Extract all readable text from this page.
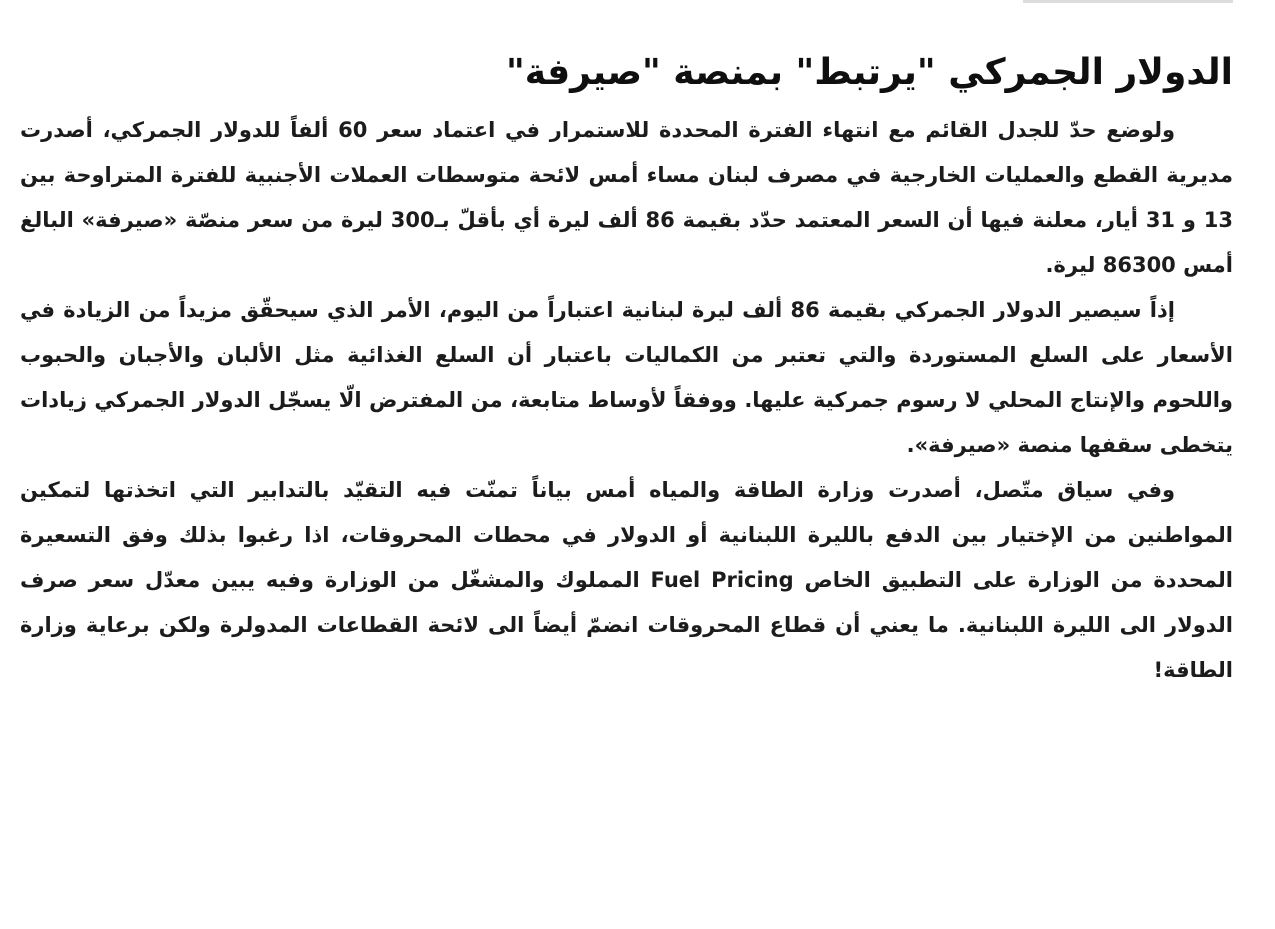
الدولار الجمركي "يرتبط" بمنصة "صيرفة"

ولوضع حدّ للجدل القائم مع انتهاء الفترة المحددة للاستمرار في اعتماد سعر 60 ألفاً للدولار الجمركي، أصدرت مديرية القطع والعمليات الخارجية في مصرف لبنان مساء أمس لائحة متوسطات العملات الأجنبية للفترة المتراوحة بين 13 و 31 أيار، معلنة فيها أن السعر المعتمد حدّد بقيمة 86 ألف ليرة أي بأقلّ بـ300 ليرة من سعر منصّة «صيرفة» البالغ أمس 86300 ليرة.

إذاً سيصير الدولار الجمركي بقيمة 86 ألف ليرة لبنانية اعتباراً من اليوم، الأمر الذي سيحقّق مزيداً من الزيادة في الأسعار على السلع المستوردة والتي تعتبر من الكماليات باعتبار أن السلع الغذائية مثل الألبان والأجبان والحبوب واللحوم والإنتاج المحلي لا رسوم جمركية عليها. ووفقاً لأوساط متابعة، من المفترض الّا يسجّل الدولار الجمركي زيادات يتخطى سقفها منصة «صيرفة».

وفي سياق متّصل، أصدرت وزارة الطاقة والمياه أمس بياناً تمنّت فيه التقيّد بالتدابير التي اتخذتها لتمكين المواطنين من الإختيار بين الدفع بالليرة اللبنانية أو الدولار في محطات المحروقات، اذا رغبوا بذلك وفق التسعيرة المحددة من الوزارة على التطبيق الخاص Fuel Pricing المملوك والمشغّل من الوزارة وفيه يبين معدّل سعر صرف الدولار الى الليرة اللبنانية. ما يعني أن قطاع المحروقات انضمّ أيضاً الى لائحة القطاعات المدولرة ولكن برعاية وزارة الطاقة!
